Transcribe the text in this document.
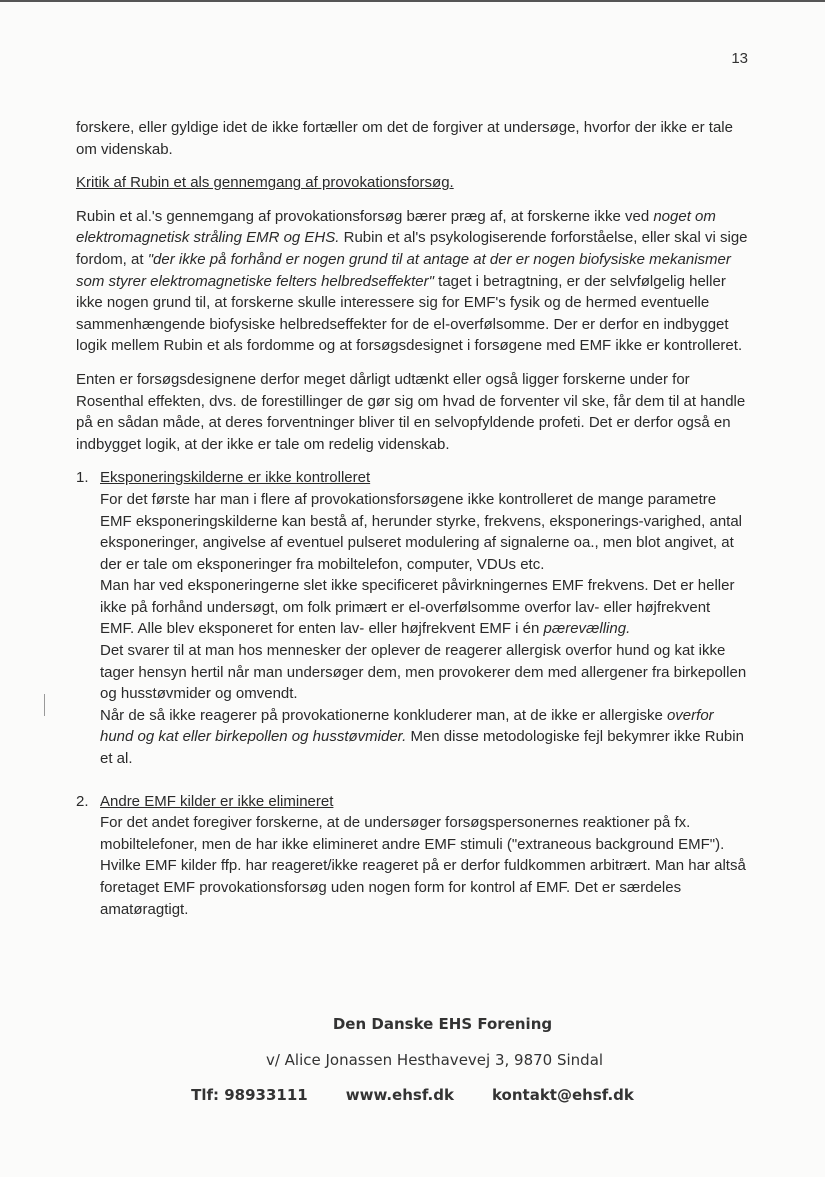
13

forskere, eller gyldige idet de ikke fortæller om det de forgiver at undersøge, hvorfor der ikke er tale om videnskab.

Kritik af Rubin et als gennemgang af provokationsforsøg.

Rubin et al.'s gennemgang af provokationsforsøg bærer præg af, at forskerne ikke ved noget om elektromagnetisk stråling EMR og EHS. Rubin et al's psykologiserende forforståelse, eller skal vi sige fordom, at "der ikke på forhånd er nogen grund til at antage at der er nogen biofysiske mekanismer som styrer elektromagnetiske felters helbredseffekter" taget i betragtning, er der selvfølgelig heller ikke nogen grund til, at forskerne skulle interessere sig for EMF's fysik og de hermed eventuelle sammenhængende biofysiske helbredseffekter for de el-overfølsomme. Der er derfor en indbygget logik mellem Rubin et als fordomme og at forsøgsdesignet i forsøgene med EMF ikke er kontrolleret.

Enten er forsøgsdesignene derfor meget dårligt udtænkt eller også ligger forskerne under for Rosenthal effekten, dvs. de forestillinger de gør sig om hvad de forventer vil ske, får dem til at handle på en sådan måde, at deres forventninger bliver til en selvopfyldende profeti. Det er derfor også en indbygget logik, at der ikke er tale om redelig videnskab.

1. Eksponeringskilderne er ikke kontrolleret
For det første har man i flere af provokationsforsøgene ikke kontrolleret de mange parametre EMF eksponeringskilderne kan bestå af, herunder styrke, frekvens, eksponerings-varighed, antal eksponeringer, angivelse af eventuel pulseret modulering af signalerne oa., men blot angivet, at der er tale om eksponeringer fra mobiltelefon, computer, VDUs etc.
Man har ved eksponeringerne slet ikke specificeret påvirkningernes EMF frekvens. Det er heller ikke på forhånd undersøgt, om folk primært er el-overfølsomme overfor lav- eller højfrekvent EMF. Alle blev eksponeret for enten lav- eller højfrekvent EMF i én pærevælling.
Det svarer til at man hos mennesker der oplever de reagerer allergisk overfor hund og kat ikke tager hensyn hertil når man undersøger dem, men provokerer dem med allergener fra birkepollen og husstøvmider og omvendt.
Når de så ikke reagerer på provokationerne konkluderer man, at de ikke er allergiske overfor hund og kat eller birkepollen og husstøvmider. Men disse metodologiske fejl bekymrer ikke Rubin et al.
2. Andre EMF kilder er ikke elimineret
For det andet foregiver forskerne, at de undersøger forsøgspersonernes reaktioner på fx. mobiltelefoner, men de har ikke elimineret andre EMF stimuli ("extraneous background EMF"). Hvilke EMF kilder ffp. har reageret/ikke reageret på er derfor fuldkommen arbitrært. Man har altså foretaget EMF provokationsforsøg uden nogen form for kontrol af EMF. Det er særdeles amatøragtigt.
Den Danske EHS Forening
v/ Alice Jonassen Hesthavevej 3, 9870 Sindal
Tlf: 98933111	www.ehsf.dk	kontakt@ehsf.dk
